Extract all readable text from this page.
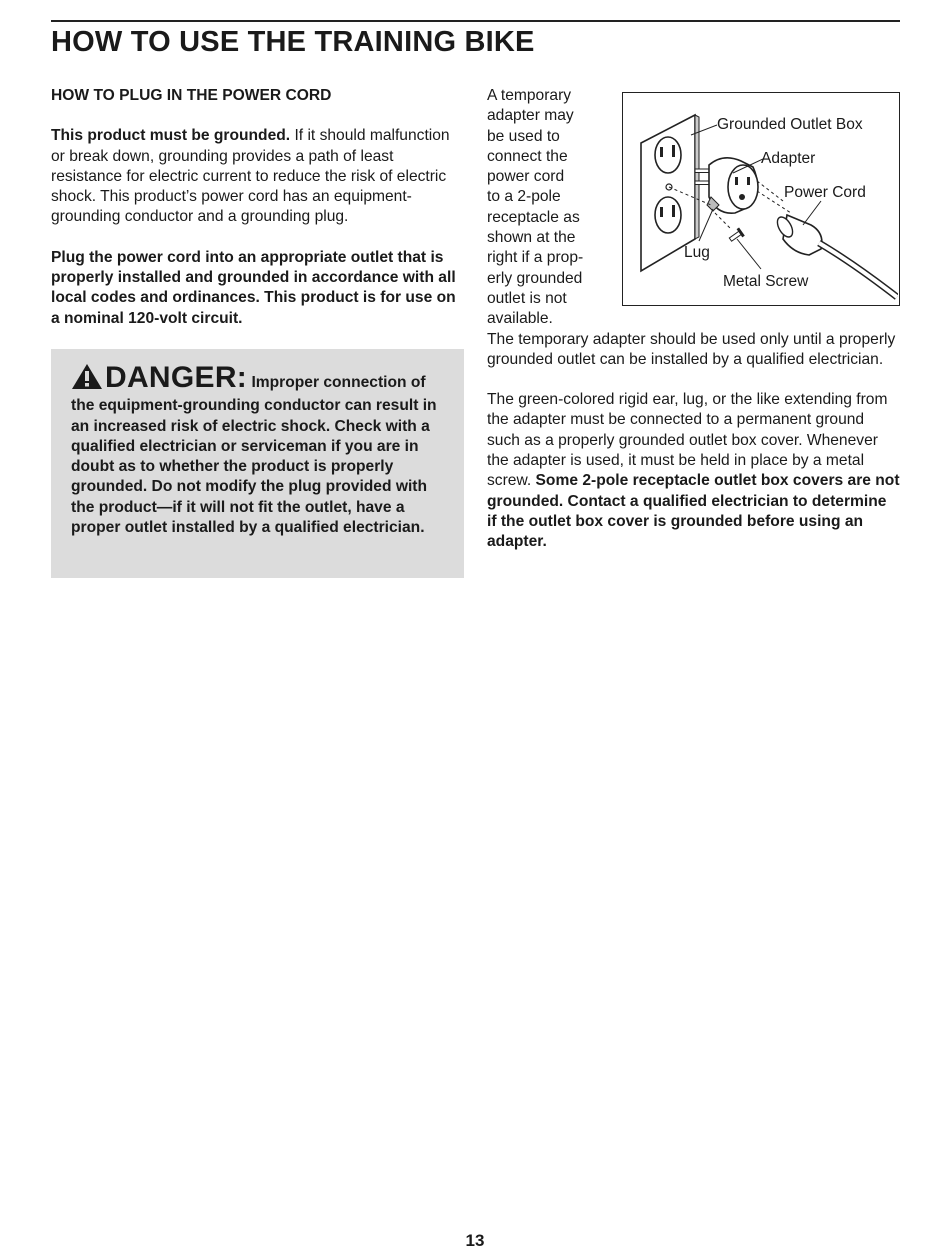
HOW TO USE THE TRAINING BIKE

HOW TO PLUG IN THE POWER CORD

This product must be grounded. If it should malfunction or break down, grounding provides a path of least resistance for electric current to reduce the risk of electric shock. This product’s power cord has an equipment-grounding conductor and a grounding plug.

Plug the power cord into an appropriate outlet that is properly installed and grounded in accordance with all local codes and ordinances. This product is for use on a nominal 120-volt circuit.

DANGER: Improper connection of the equipment-grounding conductor can result in an increased risk of electric shock. Check with a qualified electrician or serviceman if you are in doubt as to whether the product is properly grounded. Do not modify the plug provided with the product—if it will not fit the outlet, have a proper outlet installed by a qualified electrician.
A temporary
adapter may
be used to
connect the
power cord
to a 2-pole
receptacle as
shown at the
right if a prop-
erly grounded
outlet is not
available.

The temporary adapter should be used only until a properly grounded outlet can be installed by a qualified electrician.

The green-colored rigid ear, lug, or the like extending from the adapter must be connected to a permanent ground such as a properly grounded outlet box cover. Whenever the adapter is used, it must be held in place by a metal screw. Some 2-pole receptacle outlet box covers are not grounded. Contact a qualified electrician to determine if the outlet box cover is grounded before using an adapter.

Grounded Outlet Box
Adapter
Power Cord
Lug
Metal Screw
13
